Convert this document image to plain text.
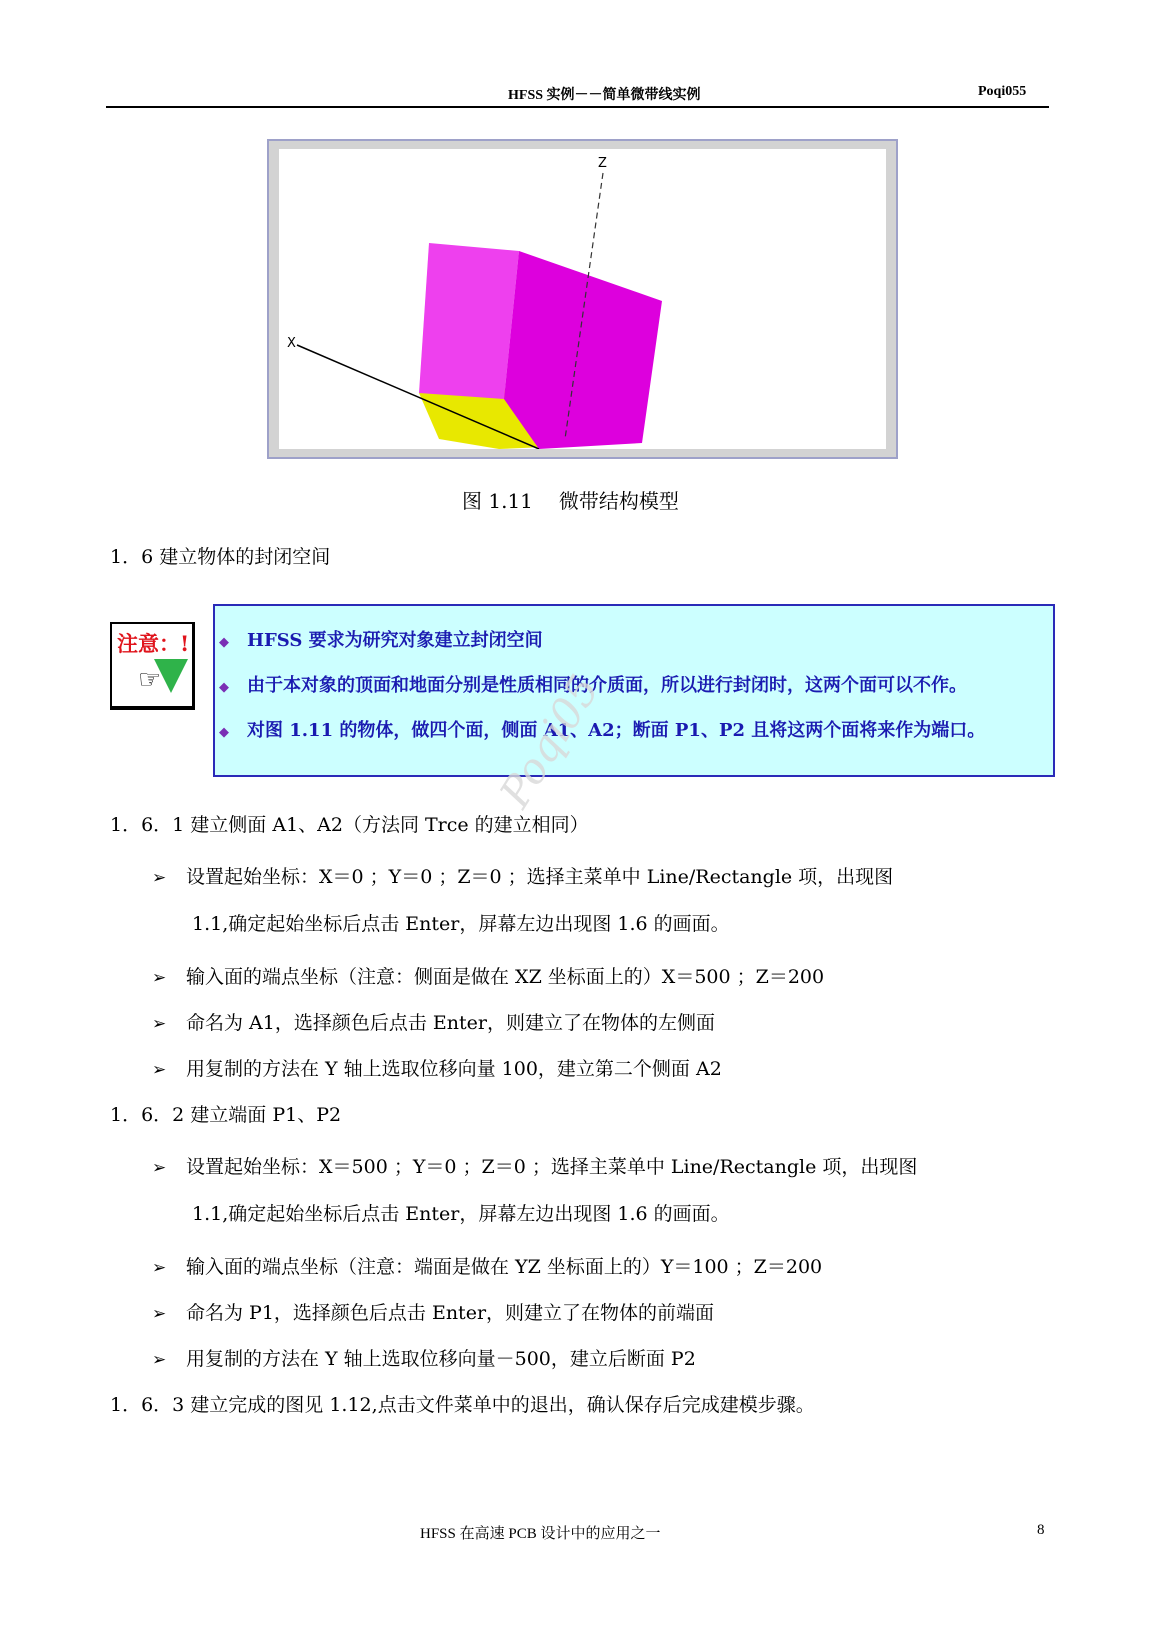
HFSS 实例－－简单微带线实例	Poqi055
Z
X
图 1.11 微带结构模型
1．6 建立物体的封闭空间
注意：!
☞
◆ HFSS 要求为研究对象建立封闭空间
◆ 由于本对象的顶面和地面分别是性质相同的介质面，所以进行封闭时，这两个面可以不作。
◆ 对图 1.11 的物体，做四个面，侧面 A1、A2；断面 P1、P2 且将这两个面将来作为端口。
Poqi05
1．6．1 建立侧面 A1、A2（方法同 Trce 的建立相同）
➢ 设置起始坐标：X＝0 ；Y＝0 ；Z＝0 ；选择主菜单中 Line/Rectangle 项，出现图
1.1,确定起始坐标后点击 Enter，屏幕左边出现图 1.6 的画面。
➢ 输入面的端点坐标（注意：侧面是做在 XZ 坐标面上的）X＝500 ；Z＝200
➢ 命名为 A1，选择颜色后点击 Enter，则建立了在物体的左侧面
➢ 用复制的方法在 Y 轴上选取位移向量 100，建立第二个侧面 A2
1．6．2 建立端面 P1、P2
➢ 设置起始坐标：X＝500 ；Y＝0 ；Z＝0 ；选择主菜单中 Line/Rectangle 项，出现图
1.1,确定起始坐标后点击 Enter，屏幕左边出现图 1.6 的画面。
➢ 输入面的端点坐标（注意：端面是做在 YZ 坐标面上的）Y＝100 ；Z＝200
➢ 命名为 P1，选择颜色后点击 Enter，则建立了在物体的前端面
➢ 用复制的方法在 Y 轴上选取位移向量－500，建立后断面 P2
1．6．3 建立完成的图见 1.12,点击文件菜单中的退出，确认保存后完成建模步骤。
HFSS 在高速 PCB 设计中的应用之一	8
